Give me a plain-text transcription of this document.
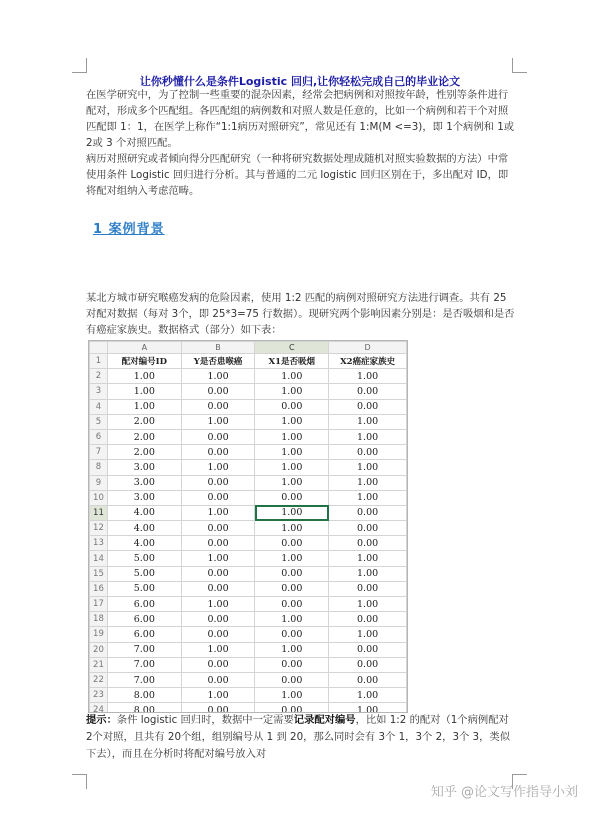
让你秒懂什么是条件Logistic 回归,让你轻松完成自己的毕业论文

在医学研究中，为了控制一些重要的混杂因素，经常会把病例和对照按年龄，性别等条件进行配对，形成多个匹配组。各匹配组的病例数和对照人数是任意的，比如一个病例和若干个对照匹配即 1：1，在医学上称作“1:1病历对照研究”，常见还有 1:M(M <=3)，即 1个病例和 1或 2或 3 个对照匹配。

病历对照研究或者倾向得分匹配研究（一种将研究数据处理成随机对照实验数据的方法）中常使用条件 Logistic 回归进行分析。其与普通的二元 logistic 回归区别在于，多出配对 ID，即将配对组纳入考虑范畴。

1 案例背景

某北方城市研究喉癌发病的危险因素，使用 1:2 匹配的病例对照研究方法进行调查。共有 25对配对数据（每对 3个，即 25*3=75 行数据）。现研究两个影响因素分别是：是否吸烟和是否有癌症家族史。数据格式（部分）如下表：

	A	B	C	D
1	配对编号ID	Y是否患喉癌	X1是否吸烟	X2癌症家族史
2	1.00	1.00	1.00	1.00
3	1.00	0.00	1.00	0.00
4	1.00	0.00	0.00	0.00
5	2.00	1.00	1.00	1.00
6	2.00	0.00	1.00	1.00
7	2.00	0.00	1.00	0.00
8	3.00	1.00	1.00	1.00
9	3.00	0.00	1.00	1.00
10	3.00	0.00	0.00	1.00
11	4.00	1.00	1.00	0.00
12	4.00	0.00	1.00	0.00
13	4.00	0.00	0.00	0.00
14	5.00	1.00	1.00	1.00
15	5.00	0.00	0.00	1.00
16	5.00	0.00	0.00	0.00
17	6.00	1.00	0.00	1.00
18	6.00	0.00	1.00	0.00
19	6.00	0.00	0.00	1.00
20	7.00	1.00	1.00	0.00
21	7.00	0.00	0.00	0.00
22	7.00	0.00	0.00	0.00
23	8.00	1.00	1.00	1.00
24	8.00	0.00	0.00	1.00

提示：条件 logistic 回归时，数据中一定需要记录配对编号，比如 1:2 的配对（1个病例配对 2个对照，且共有 20个组，组别编号从 1 到 20，那么同时会有 3个 1，3个 2，3个 3，类似下去），而且在分析时将配对编号放入对

知乎 @论文写作指导小刘
